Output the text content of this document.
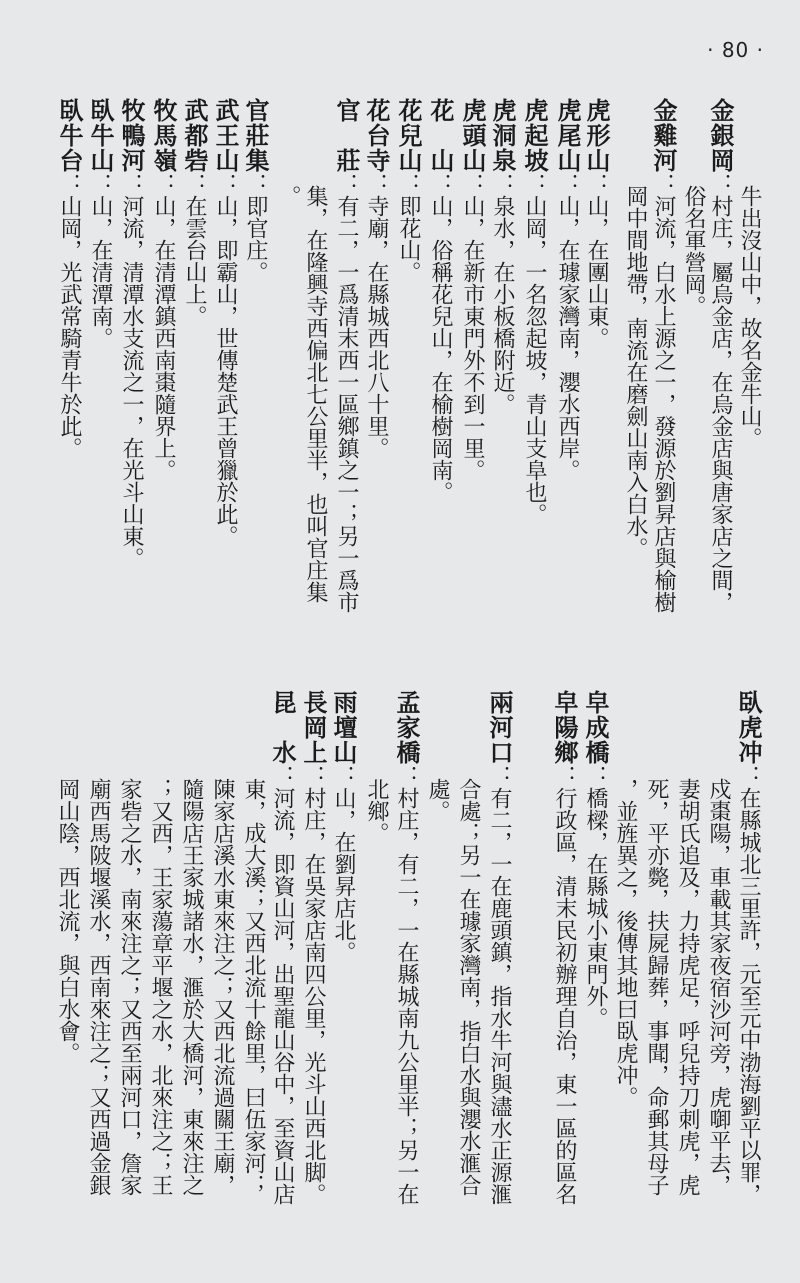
· 80 ·
牛出沒山中，故名金牛山。
金銀岡：村庄，屬烏金店，在烏金店與唐家店之間，
俗名軍營岡。
金雞河：河流，白水上源之一，發源於劉昇店與榆樹
岡中間地帶，南流在磨劍山南入白水。
虎形山：山，在團山東。
虎尾山：山，在璩家灣南，瀴水西岸。
虎起坡：山岡，一名忽起坡，青山支阜也。
虎洞泉：泉水，在小板橋附近。
虎頭山：山，在新市東門外不到一里。
花　山：山，俗稱花兒山，在榆樹岡南。
花兒山：即花山。
花台寺：寺廟，在縣城西北八十里。
官　莊：有二，一爲清末西一區鄉鎮之一；另一爲市
集，在隆興寺西偏北七公里半，也叫官庄集
。
官莊集：即官庄。
武王山：山，即霸山，世傳楚武王曾獵於此。
武都砦：在雲台山上。
牧馬嶺：山，在清潭鎮西南棗隨界上。
牧鴨河：河流，清潭水支流之一，在光斗山東。
臥牛山：山，在清潭南。
臥牛台：山岡，光武常騎青牛於此。
臥虎冲：在縣城北三里許，元至元中渤海劉平以罪，
戍棗陽，車載其家夜宿沙河旁，虎啣平去，
妻胡氏追及，力持虎足，呼兒持刀刺虎，虎
死，平亦斃，扶屍歸葬，事聞，命郵其母子
，並旌異之，後傳其地曰臥虎冲。
皁成橋：橋樑，在縣城小東門外。
皁陽鄉：行政區，清末民初辦理自治，東一區的區名
處。
兩河口：有二，一在鹿頭鎮，指水牛河與濜水正源滙
合處；另一在璩家灣南，指白水與瀴水滙合
孟家橋：村庄，有二，一在縣城南九公里半；另一在
北鄉。
雨壇山：山，在劉昇店北。
長岡上：村庄，在吳家店南四公里，光斗山西北脚。
昆　水：河流，即資山河，出聖龍山谷中，至資山店
東，成大溪；又西北流十餘里，曰伍家河；
陳家店溪水東來注之；又西北流過關王廟，
隨陽店王家城諸水，滙於大橋河，東來注之
；又西，王家蕩章平堰之水，北來注之；王
家砦之水，南來注之；又西至兩河口，詹家
廟西馬陂堰溪水，西南來注之；又西過金銀
岡山陰，西北流，與白水會。
